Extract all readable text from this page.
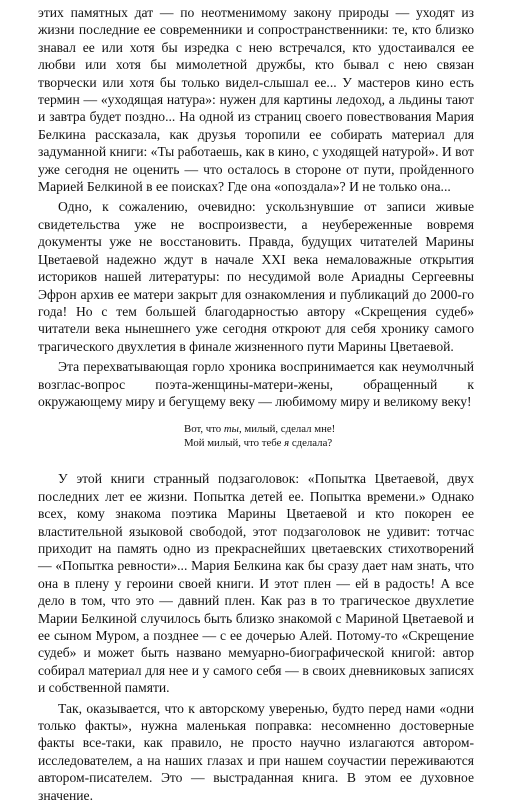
этих памятных дат — по неотменимому закону природы — уходят из жизни последние ее современники и сопространственники: те, кто близко знавал ее или хотя бы изредка с нею встречался, кто удостаивался ее любви или хотя бы мимолетной дружбы, кто бывал с нею связан творчески или хотя бы только видел-слышал ее... У мастеров кино есть термин — «уходящая натура»: нужен для картины ледоход, а льдины тают и завтра будет поздно... На одной из страниц своего повествования Мария Белкина рассказала, как друзья торопили ее собирать материал для задуманной книги: «Ты работаешь, как в кино, с уходящей натурой». И вот уже сегодня не оценить — что осталось в стороне от пути, пройденного Марией Белкиной в ее поисках? Где она «опоздала»? И не только она...

Одно, к сожалению, очевидно: ускользнувшие от записи живые свидетельства уже не воспроизвести, а неубереженные вовремя документы уже не восстановить. Правда, будущих читателей Марины Цветаевой надежно ждут в начале XXI века немаловажные открытия историков нашей литературы: по несудимой воле Ариадны Сергеевны Эфрон архив ее матери закрыт для ознакомления и публикаций до 2000-го года! Но с тем большей благодарностью автору «Скрещения судеб» читатели века нынешнего уже сегодня откроют для себя хронику самого трагического двухлетия в финале жизненного пути Марины Цветаевой.

Эта перехватывающая горло хроника воспринимается как неумолчный возглас-вопрос поэта-женщины-матери-жены, обращенный к окружающему миру и бегущему веку — любимому миру и великому веку!

Вот, что ты, милый, сделал мне!
Мой милый, что тебе я сделала?

У этой книги странный подзаголовок: «Попытка Цветаевой, двух последних лет ее жизни. Попытка детей ее. Попытка времени.» Однако всех, кому знакома поэтика Марины Цветаевой и кто покорен ее властительной языковой свободой, этот подзаголовок не удивит: тотчас приходит на память одно из прекраснейших цветаевских стихотворений — «Попытка ревности»... Мария Белкина как бы сразу дает нам знать, что она в плену у героини своей книги. И этот плен — ей в радость! А все дело в том, что это — давний плен. Как раз в то трагическое двухлетие Марии Белкиной случилось быть близко знакомой с Мариной Цветаевой и ее сыном Муром, а позднее — с ее дочерью Алей. Потому-то «Скрещение судеб» и может быть названо мемуарно-биографической книгой: автор собирал материал для нее и у самого себя — в своих дневниковых записях и собственной памяти.

Так, оказывается, что к авторскому уверенью, будто перед нами «одни только факты», нужна маленькая поправка: несомненно достоверные факты все-таки, как правило, не просто научно излагаются автором-исследователем, а на наших глазах и при нашем соучастии переживаются автором-писателем. Это — выстраданная книга. В этом ее духовное значение.
